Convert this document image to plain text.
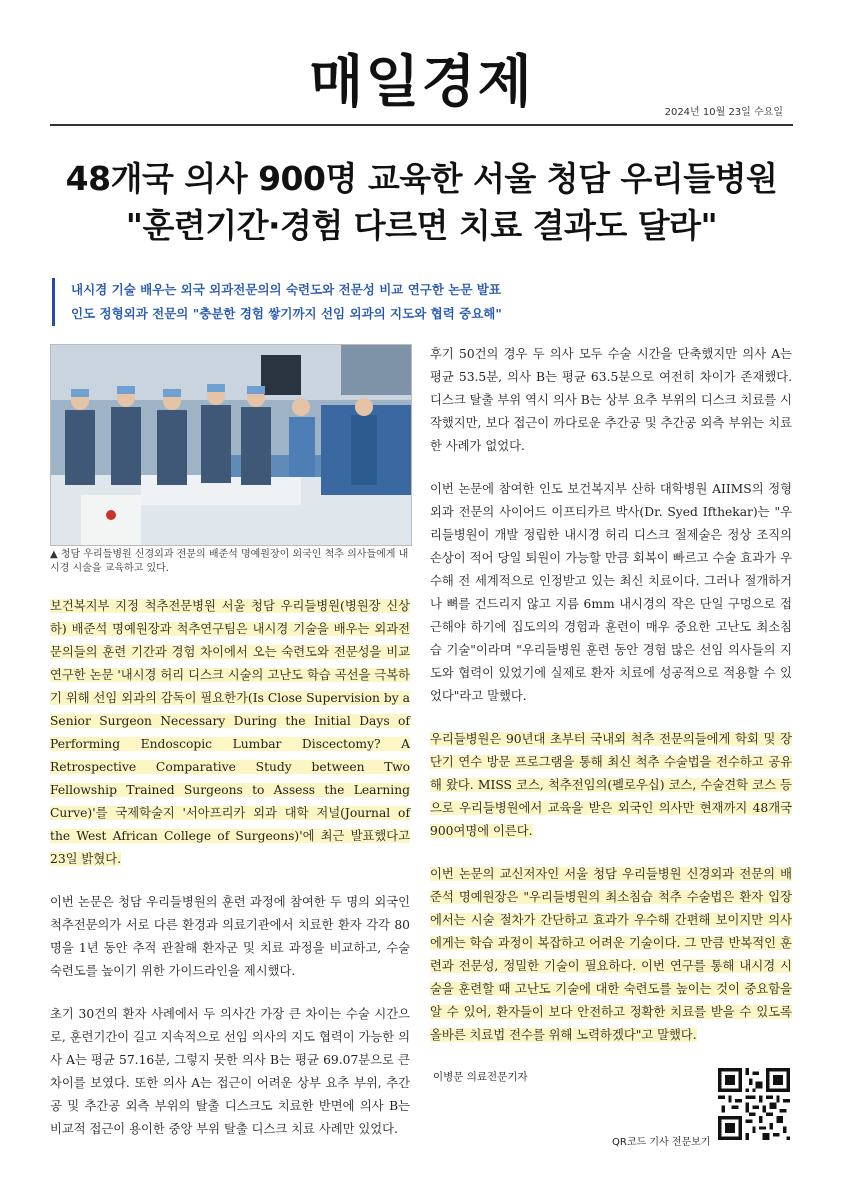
매일경제	2024년 10월 23일 수요일
48개국 의사 900명 교육한 서울 청담 우리들병원
"훈련기간·경험 다르면 치료 결과도 달라"
내시경 기술 배우는 외국 외과전문의의 숙련도와 전문성 비교 연구한 논문 발표
인도 정형외과 전문의 "충분한 경험 쌓기까지 선임 외과의 지도와 협력 중요해"
▲ 청담 우리들병원 신경외과 전문의 배준석 명예원장이 외국인 척추 의사들에게 내시경 시술을 교육하고 있다.

보건복지부 지정 척추전문병원 서울 청담 우리들병원(병원장 신상하) 배준석 명예원장과 척추연구팀은 내시경 기술을 배우는 외과전문의들의 훈련 기간과 경험 차이에서 오는 숙련도와 전문성을 비교 연구한 논문 '내시경 허리 디스크 시술의 고난도 학습 곡선을 극복하기 위해 선임 외과의 감독이 필요한가(Is Close Supervision by a Senior Surgeon Necessary During the Initial Days of Performing Endoscopic Lumbar Discectomy? A Retrospective Comparative Study between Two Fellowship Trained Surgeons to Assess the Learning Curve)'를 국제학술지 '서아프리카 외과 대학 저널(Journal of the West African College of Surgeons)'에 최근 발표했다고 23일 밝혔다.

이번 논문은 청담 우리들병원의 훈련 과정에 참여한 두 명의 외국인 척추전문의가 서로 다른 환경과 의료기관에서 치료한 환자 각각 80명을 1년 동안 추적 관찰해 환자군 및 치료 과정을 비교하고, 수술 숙련도를 높이기 위한 가이드라인을 제시했다.

초기 30건의 환자 사례에서 두 의사간 가장 큰 차이는 수술 시간으로, 훈련기간이 길고 지속적으로 선임 의사의 지도 협력이 가능한 의사 A는 평균 57.16분, 그렇지 못한 의사 B는 평균 69.07분으로 큰 차이를 보였다. 또한 의사 A는 접근이 어려운 상부 요추 부위, 추간공 및 추간공 외측 부위의 탈출 디스크도 치료한 반면에 의사 B는 비교적 접근이 용이한 중앙 부위 탈출 디스크 치료 사례만 있었다.

후기 50건의 경우 두 의사 모두 수술 시간을 단축했지만 의사 A는 평균 53.5분, 의사 B는 평균 63.5분으로 여전히 차이가 존재했다. 디스크 탈출 부위 역시 의사 B는 상부 요추 부위의 디스크 치료를 시작했지만, 보다 접근이 까다로운 추간공 및 추간공 외측 부위는 치료한 사례가 없었다.

이번 논문에 참여한 인도 보건복지부 산하 대학병원 AIIMS의 정형외과 전문의 사이어드 이프티카르 박사(Dr. Syed Ifthekar)는 "우리들병원이 개발 정립한 내시경 허리 디스크 절제술은 정상 조직의 손상이 적어 당일 퇴원이 가능할 만큼 회복이 빠르고 수술 효과가 우수해 전 세계적으로 인정받고 있는 최신 치료이다. 그러나 절개하거나 뼈를 건드리지 않고 지름 6mm 내시경의 작은 단일 구멍으로 접근해야 하기에 집도의의 경험과 훈련이 매우 중요한 고난도 최소침습 기술"이라며 "우리들병원 훈련 동안 경험 많은 선임 의사들의 지도와 협력이 있었기에 실제로 환자 치료에 성공적으로 적용할 수 있었다"라고 말했다.

우리들병원은 90년대 초부터 국내외 척추 전문의들에게 학회 및 장단기 연수 방문 프로그램을 통해 최신 척추 수술법을 전수하고 공유해 왔다. MISS 코스, 척추전임의(펠로우십) 코스, 수술견학 코스 등으로 우리들병원에서 교육을 받은 외국인 의사만 현재까지 48개국 900여명에 이른다.

이번 논문의 교신저자인 서울 청담 우리들병원 신경외과 전문의 배준석 명예원장은 "우리들병원의 최소침습 척추 수술법은 환자 입장에서는 시술 절차가 간단하고 효과가 우수해 간편해 보이지만 의사에게는 학습 과정이 복잡하고 어려운 기술이다. 그 만큼 반복적인 훈련과 전문성, 정밀한 기술이 필요하다. 이번 연구를 통해 내시경 시술을 훈련할 때 고난도 기술에 대한 숙련도를 높이는 것이 중요함을 알 수 있어, 환자들이 보다 안전하고 정확한 치료를 받을 수 있도록 올바른 치료법 전수를 위해 노력하겠다"고 말했다.

이병문 의료전문기자
QR코드 기사 전문보기
